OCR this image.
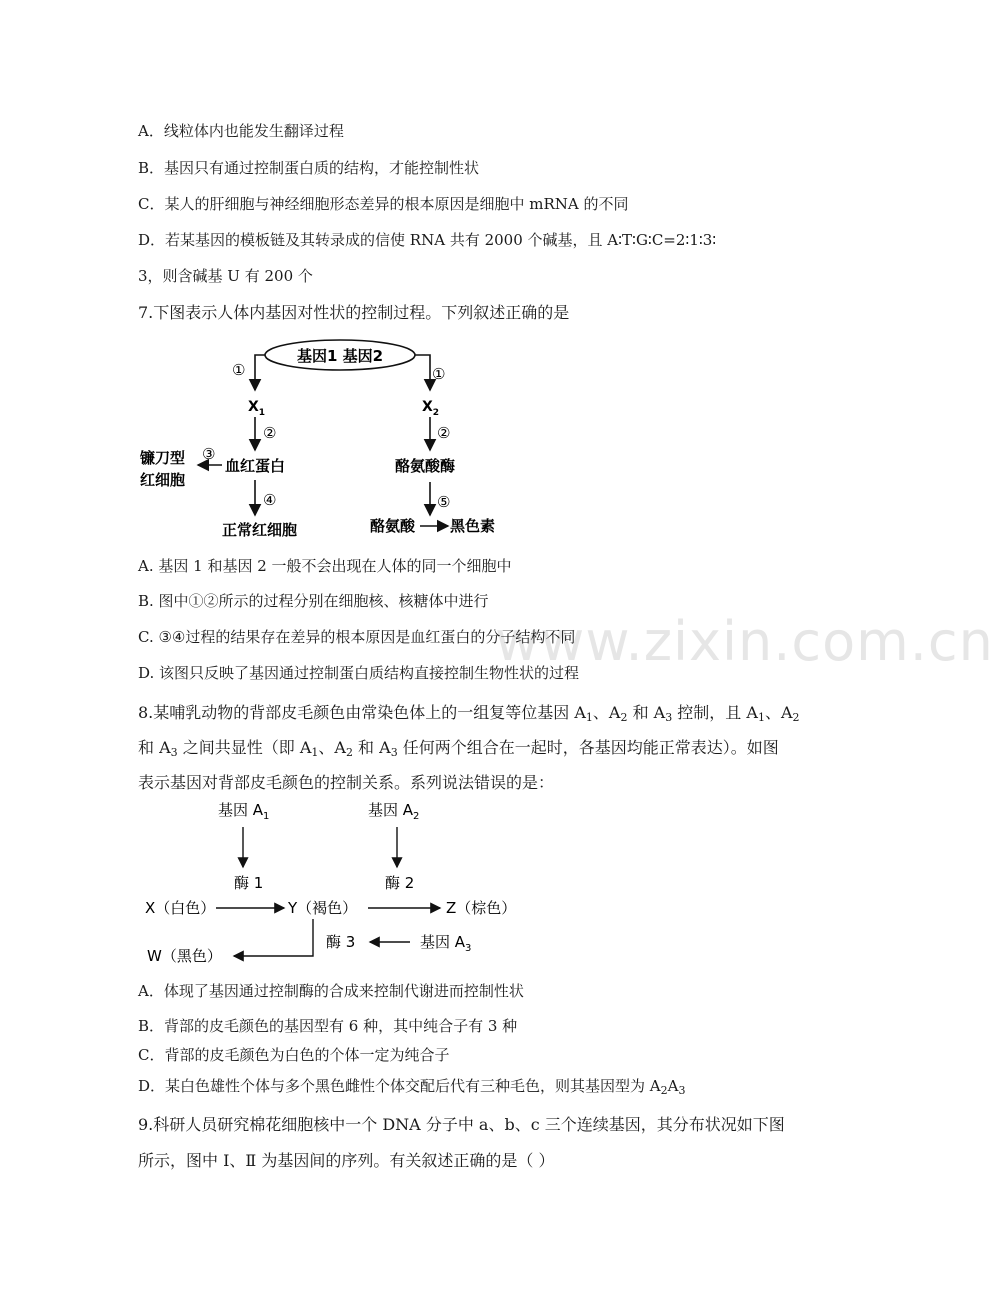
www.zixin.com.cn
A．线粒体内也能发生翻译过程
B．基因只有通过控制蛋白质的结构，才能控制性状
C．某人的肝细胞与神经细胞形态差异的根本原因是细胞中 mRNA 的不同
D．若某基因的模板链及其转录成的信使 RNA 共有 2000 个碱基，且 A∶T∶G∶C=2∶1∶3∶
3，则含碱基 U 有 200 个
7.下图表示人体内基因对性状的控制过程。下列叙述正确的是
基因1 基因2
①
$X_1$
②
血红蛋白
③
镰刀型
红细胞
④
正常红细胞
①
$X_2$
②
酪氨酸酶
⑤
酪氨酸 黑色素
A. 基因 1 和基因 2 一般不会出现在人体的同一个细胞中
B. 图中①②所示的过程分别在细胞核、核糖体中进行
C. ③④过程的结果存在差异的根本原因是血红蛋白的分子结构不同
D. 该图只反映了基因通过控制蛋白质结构直接控制生物性状的过程
8.某哺乳动物的背部皮毛颜色由常染色体上的一组复等位基因 $A_1$、$A_2$ 和 $A_3$ 控制，且 $A_1$、$A_2$
和 $A_3$ 之间共显性（即 $A_1$、$A_2$ 和 $A_3$ 任何两个组合在一起时，各基因均能正常表达）。如图
表示基因对背部皮毛颜色的控制关系。系列说法错误的是：
基因 $A_1$
酶 1
基因 $A_2$
酶 2
X（白色）	Y（褐色）	Z（棕色）
W（黑色）
酶 3	基因 $A_3$
A．体现了基因通过控制酶的合成来控制代谢进而控制性状
B．背部的皮毛颜色的基因型有 6 种，其中纯合子有 3 种
C．背部的皮毛颜色为白色的个体一定为纯合子
D．某白色雄性个体与多个黑色雌性个体交配后代有三种毛色，则其基因型为 $A_2A_3$
9.科研人员研究棉花细胞核中一个 DNA 分子中 a、b、c 三个连续基因，其分布状况如下图
所示，图中 Ⅰ、Ⅱ 为基因间的序列。有关叙述正确的是（ ）
